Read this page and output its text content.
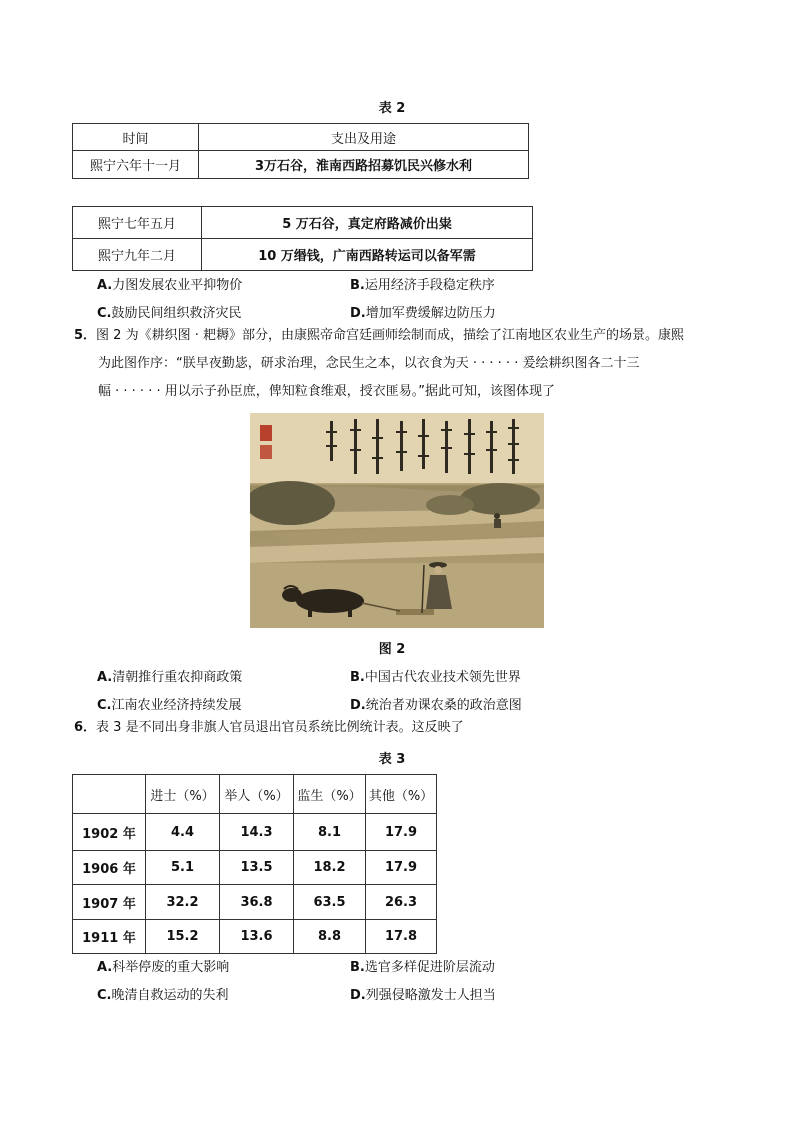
表 2
时间	支出及用途
熙宁六年十一月	3万石谷，淮南西路招募饥民兴修水利
熙宁七年五月	5 万石谷，真定府路减价出粜
熙宁九年二月	10 万缗钱，广南西路转运司以备军需
A.力图发展农业平抑物价	B.运用经济手段稳定秩序
C.鼓励民间组织救济灾民	D.增加军费缓解边防压力
5．图 2 为《耕织图 · 耙耨》部分，由康熙帝命宫廷画师绘制而成，描绘了江南地区农业生产的场景。康熙
为此图作序：“朕早夜勤毖，研求治理，念民生之本，以衣食为天 · · · · · · 爰绘耕织图各二十三
幅 · · · · · · 用以示子孙臣庶，俾知粒食维艰，授衣匪易。”据此可知，该图体现了
图 2
A.清朝推行重农抑商政策	B.中国古代农业技术领先世界
C.江南农业经济持续发展	D.统治者劝课农桑的政治意图
6．表 3 是不同出身非旗人官员退出官员系统比例统计表。这反映了
表 3
	进士（%）	举人（%）	监生（%）	其他（%）
1902 年	4.4	14.3	8.1	17.9
1906 年	5.1	13.5	18.2	17.9
1907 年	32.2	36.8	63.5	26.3
1911 年	15.2	13.6	8.8	17.8
A.科举停废的重大影响	B.选官多样促进阶层流动
C.晚清自救运动的失利	D.列强侵略激发士人担当
